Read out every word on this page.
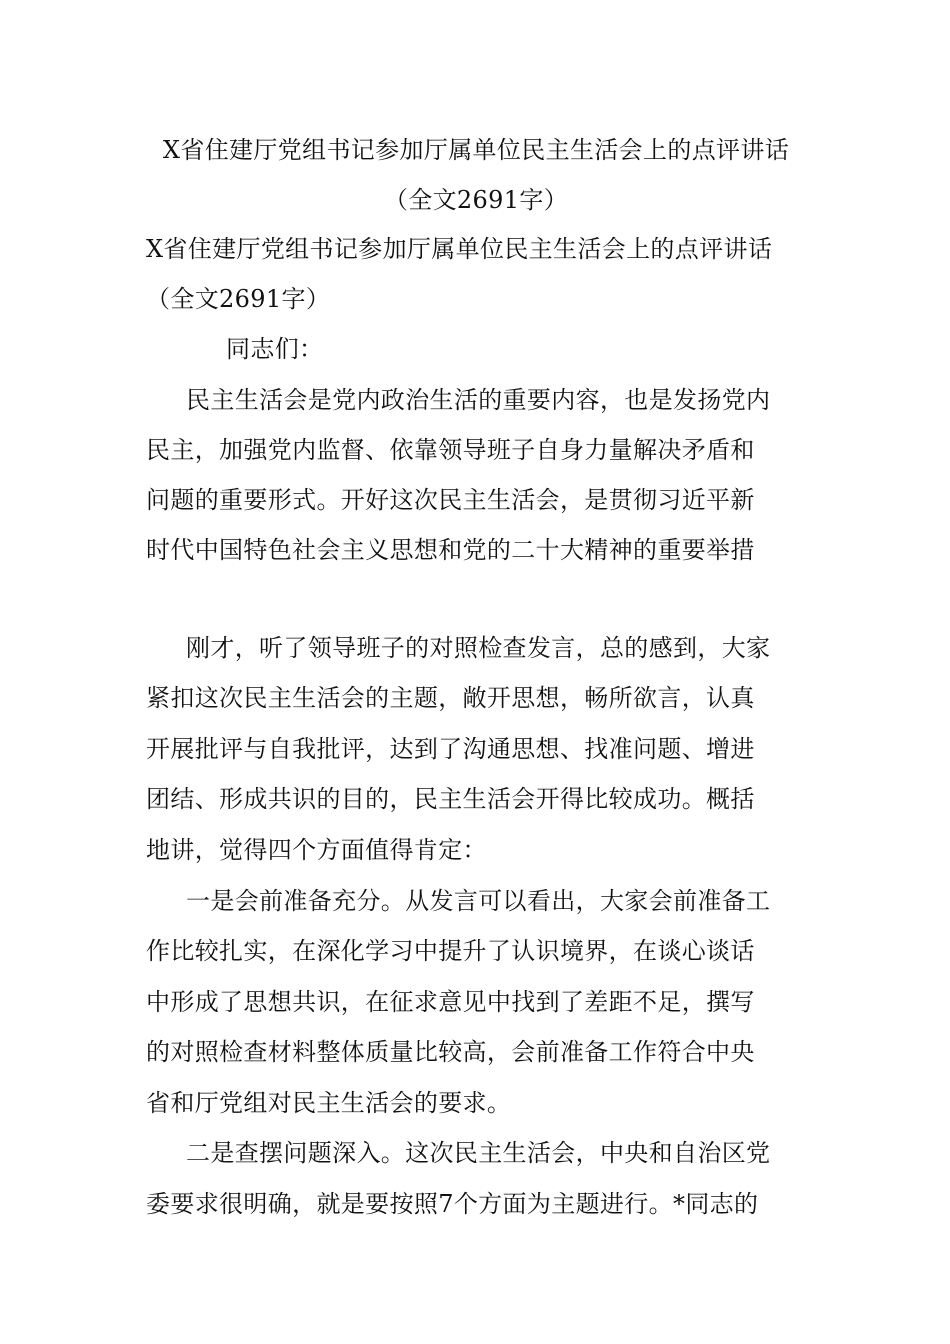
X省住建厅党组书记参加厅属单位民主生活会上的点评讲话
（全文2691字）
X省住建厅党组书记参加厅属单位民主生活会上的点评讲话
（全文2691字）
同志们：
民主生活会是党内政治生活的重要内容，也是发扬党内
民主，加强党内监督、依靠领导班子自身力量解决矛盾和
问题的重要形式。开好这次民主生活会，是贯彻习近平新
时代中国特色社会主义思想和党的二十大精神的重要举措
刚才，听了领导班子的对照检查发言，总的感到，大家
紧扣这次民主生活会的主题，敞开思想，畅所欲言，认真
开展批评与自我批评，达到了沟通思想、找准问题、增进
团结、形成共识的目的，民主生活会开得比较成功。概括
地讲，觉得四个方面值得肯定：
一是会前准备充分。从发言可以看出，大家会前准备工
作比较扎实，在深化学习中提升了认识境界，在谈心谈话
中形成了思想共识，在征求意见中找到了差距不足，撰写
的对照检查材料整体质量比较高，会前准备工作符合中央
省和厅党组对民主生活会的要求。
二是查摆问题深入。这次民主生活会，中央和自治区党
委要求很明确，就是要按照7个方面为主题进行。*同志的
